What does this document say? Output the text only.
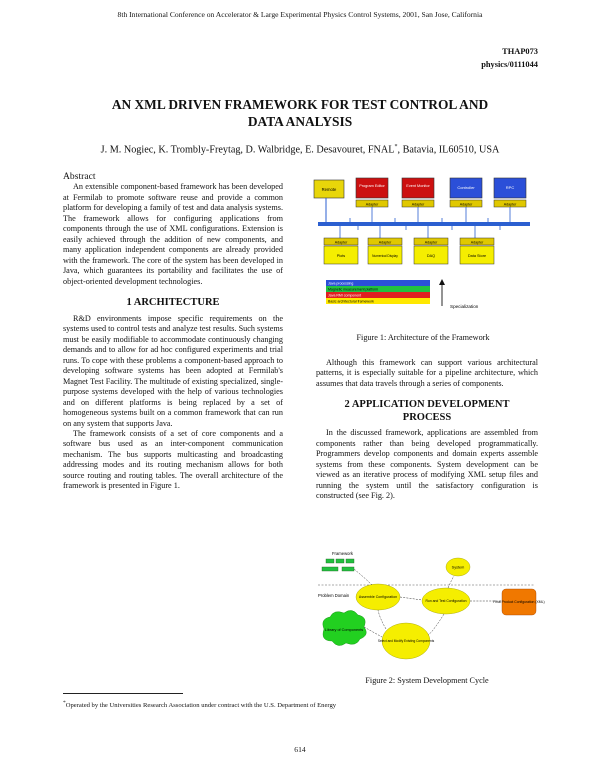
8th International Conference on Accelerator & Large Experimental Physics Control Systems, 2001, San Jose, California
THAP073
physics/0111044
AN XML DRIVEN FRAMEWORK FOR TEST CONTROL AND
DATA ANALYSIS
J. M. Nogiec, K. Trombly-Freytag, D. Walbridge, E. Desavouret, FNAL*, Batavia, IL60510, USA
Abstract

An extensible component-based framework has been developed at Fermilab to promote software reuse and provide a common platform for developing a family of test and data analysis systems. The framework allows for configuring applications from components through the use of XML configurations. Extension is easily achieved through the addition of new components, and many application independent components are already provided with the framework. The core of the system has been developed in Java, which guarantees its portability and facilitates the use of object-oriented development technologies.

1 ARCHITECTURE

R&D environments impose specific requirements on the systems used to control tests and analyze test results. Such systems must be easily modifiable to accommodate continuously changing demands and to allow for ad hoc configured experiments and trial runs. To cope with these problems a component-based approach to developing software systems has been adopted at Fermilab's Magnet Test Facility. The multitude of existing specialized, single-purpose systems developed with the help of various technologies and on different platforms is being replaced by a set of homogeneous systems built on a common framework that can run on any system that supports Java.

The framework consists of a set of core components and a software bus used as an inter-component communication mechanism. The bus supports multicasting and broadcasting addressing modes and its routing mechanism allows for both source routing and routing tables. The overall architecture of the framework is presented in Figure 1.

Remote
Program Editor	Event Monitor	Controller	RPC
Adapter	Adapter	Adapter	Adapter
Adapter	Adapter	Adapter	Adapter
Plots	Numerical Display	DAQ	Data Store
Java processing
Magnetic measurement platform
Java RMI component
Basic architectural framework
Specialization
Figure 1: Architecture of the Framework

Although this framework can support various architectural patterns, it is especially suitable for a pipeline architecture, which assumes that data travels through a series of components.

2 APPLICATION DEVELOPMENT
PROCESS

In the discussed framework, applications are assembled from components rather than being developed programmatically. Programmers develop components and domain experts assemble systems from these components. System development can be viewed as an iterative process of modifying XML setup files and running the system until the satisfactory configuration is constructed (see Fig. 2).

Framework
Problem Domain
System
Assemble Configuration
Run and Test Configuration	Final Product Configuration (XML)
Library of Components
Select and Modify Existing Components
Figure 2: System Development Cycle
*Operated by the Universities Research Association under contract with the U.S. Department of Energy
614
